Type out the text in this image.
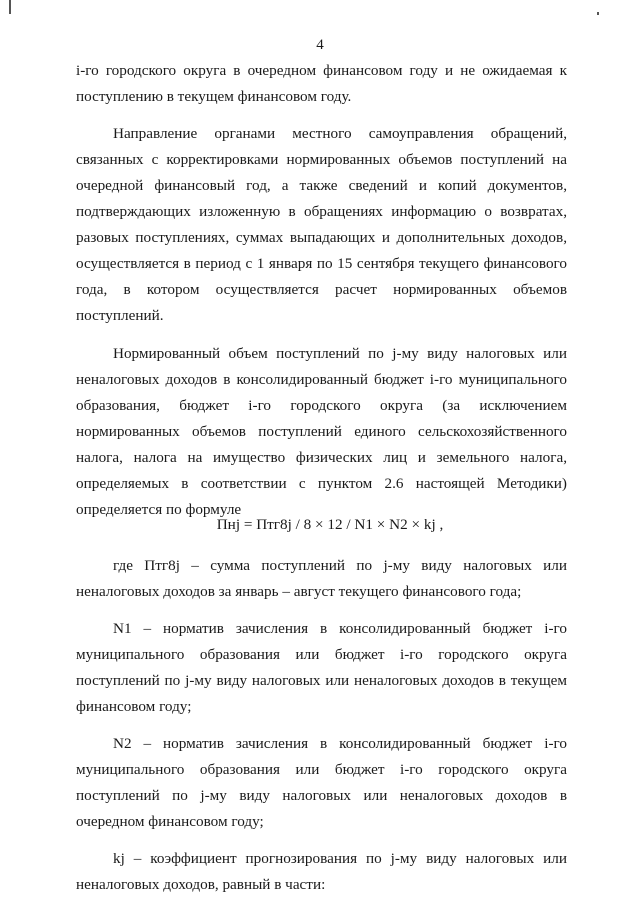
4

i-го городского округа в очередном финансовом году и не ожидаемая к поступлению в текущем финансовом году.

Направление органами местного самоуправления обращений, связанных с корректировками нормированных объемов поступлений на очередной финансовый год, а также сведений и копий документов, подтверждающих изложенную в обращениях информацию о возвратах, разовых поступлениях, суммах выпадающих и дополнительных доходов, осуществляется в период с 1 января по 15 сентября текущего финансового года, в котором осуществляется расчет нормированных объемов поступлений.

Нормированный объем поступлений по j-му виду налоговых или неналоговых доходов в консолидированный бюджет i-го муниципального образования, бюджет i-го городского округа (за исключением нормированных объемов поступлений единого сельскохозяйственного налога, налога на имущество физических лиц и земельного налога, определяемых в соответствии с пунктом 2.6 настоящей Методики) определяется по формуле

Пнj = Птг8j / 8 × 12 / N1 × N2 × kj ,

где Птг8j – сумма поступлений по j-му виду налоговых или неналоговых доходов за январь – август текущего финансового года;

N1 – норматив зачисления в консолидированный бюджет i-го муниципального образования или бюджет i-го городского округа поступлений по j-му виду налоговых или неналоговых доходов в текущем финансовом году;

N2 – норматив зачисления в консолидированный бюджет i-го муниципального образования или бюджет i-го городского округа поступлений по j-му виду налоговых или неналоговых доходов в очередном финансовом году;

kj – коэффициент прогнозирования по j-му виду налоговых или неналоговых доходов, равный в части:
